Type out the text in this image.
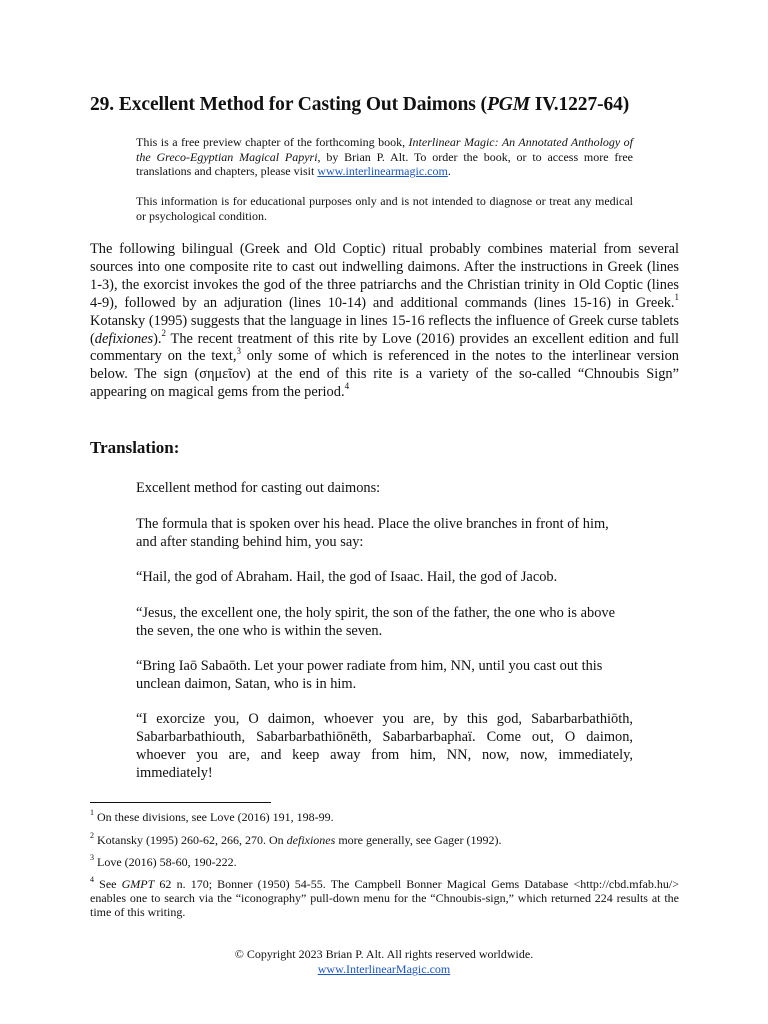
29. Excellent Method for Casting Out Daimons (PGM IV.1227-64)

This is a free preview chapter of the forthcoming book, Interlinear Magic: An Annotated Anthology of the Greco-Egyptian Magical Papyri, by Brian P. Alt. To order the book, or to access more free translations and chapters, please visit www.interlinearmagic.com.

This information is for educational purposes only and is not intended to diagnose or treat any medical or psychological condition.

The following bilingual (Greek and Old Coptic) ritual probably combines material from several sources into one composite rite to cast out indwelling daimons. After the instructions in Greek (lines 1-3), the exorcist invokes the god of the three patriarchs and the Christian trinity in Old Coptic (lines 4-9), followed by an adjuration (lines 10-14) and additional commands (lines 15-16) in Greek.$^1$ Kotansky (1995) suggests that the language in lines 15-16 reflects the influence of Greek curse tablets (defixiones).$^2$ The recent treatment of this rite by Love (2016) provides an excellent edition and full commentary on the text,$^3$ only some of which is referenced in the notes to the interlinear version below. The sign (σημεῖον) at the end of this rite is a variety of the so-called “Chnoubis Sign” appearing on magical gems from the period.$^4$

Translation:

Excellent method for casting out daimons:

The formula that is spoken over his head. Place the olive branches in front of him, and after standing behind him, you say:

“Hail, the god of Abraham. Hail, the god of Isaac. Hail, the god of Jacob.

“Jesus, the excellent one, the holy spirit, the son of the father, the one who is above the seven, the one who is within the seven.

“Bring Iaō Sabaōth. Let your power radiate from him, NN, until you cast out this unclean daimon, Satan, who is in him.

“I exorcize you, O daimon, whoever you are, by this god, Sabarbarbathiōth, Sabarbarbathiouth, Sabarbarbathiōnēth, Sabarbarbaphaï. Come out, O daimon, whoever you are, and keep away from him, NN, now, now, immediately, immediately!

$^1$ On these divisions, see Love (2016) 191, 198-99.

$^2$ Kotansky (1995) 260-62, 266, 270. On defixiones more generally, see Gager (1992).

$^3$ Love (2016) 58-60, 190-222.

$^4$ See GMPT 62 n. 170; Bonner (1950) 54-55. The Campbell Bonner Magical Gems Database <http://cbd.mfab.hu/> enables one to search via the “iconography” pull-down menu for the “Chnoubis-sign,” which returned 224 results at the time of this writing.

© Copyright 2023 Brian P. Alt. All rights reserved worldwide.
www.InterlinearMagic.com
